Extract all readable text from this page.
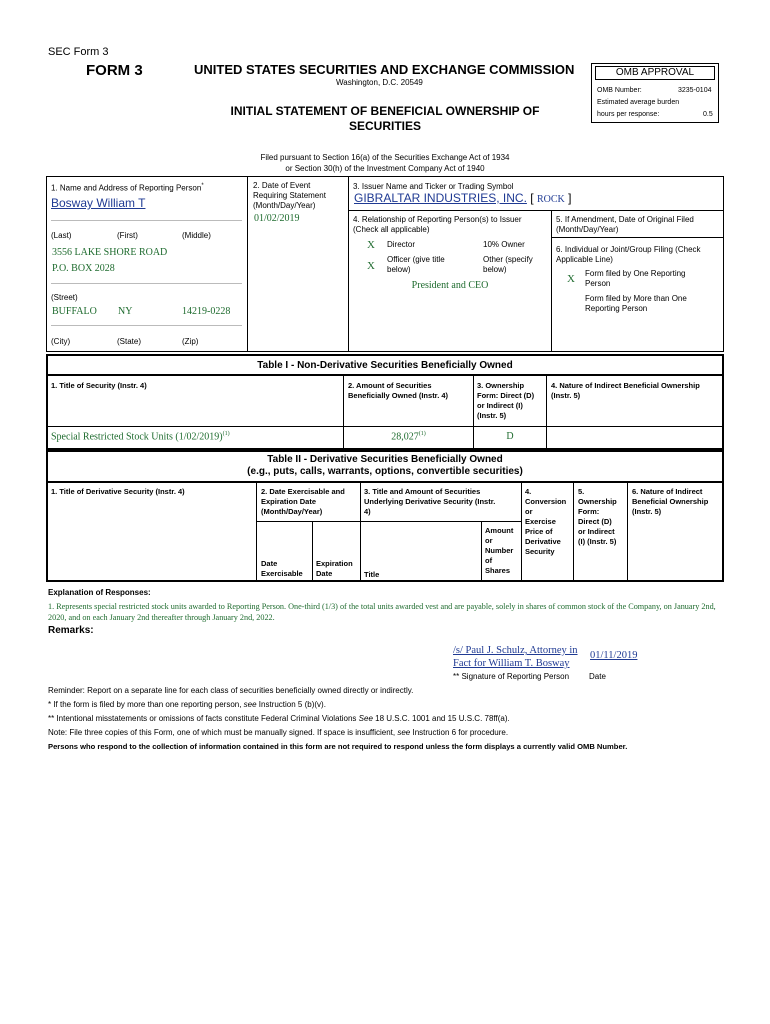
SEC Form 3
FORM 3	UNITED STATES SECURITIES AND EXCHANGE COMMISSION
Washington, D.C. 20549
INITIAL STATEMENT OF BENEFICIAL OWNERSHIP OF
SECURITIES
OMB APPROVAL
OMB Number:	3235-0104
Estimated average burden
hours per response:	0.5
Filed pursuant to Section 16(a) of the Securities Exchange Act of 1934
or Section 30(h) of the Investment Company Act of 1940
1. Name and Address of Reporting Person*
Bosway William T
(Last)	(First)	(Middle)
3556 LAKE SHORE ROAD
P.O. BOX 2028
(Street)
BUFFALO NY	14219-0228
(City)	(State)	(Zip)
2. Date of Event
Requiring Statement
(Month/Day/Year)
01/02/2019
3. Issuer Name and Ticker or Trading Symbol
GIBRALTAR INDUSTRIES, INC. [ ROCK ]
4. Relationship of Reporting Person(s) to Issuer
(Check all applicable)
X Director	10% Owner
X
Officer (give title
below)
Other (specify
below)
President and CEO
5. If Amendment, Date of Original Filed
(Month/Day/Year)
6. Individual or Joint/Group Filing (Check
Applicable Line)
X Form filed by One Reporting
Person
Form filed by More than One
Reporting Person
Table I - Non-Derivative Securities Beneficially Owned
1. Title of Security (Instr. 4)	2. Amount of Securities
Beneficially Owned (Instr. 4)
3. Ownership
Form: Direct (D)
or Indirect (I)
(Instr. 5)
4. Nature of Indirect Beneficial Ownership
(Instr. 5)
Special Restricted Stock Units $(1/02/2019)^{(1)}$	28,027$^{(1)}$	D
Table II - Derivative Securities Beneficially Owned
(e.g., puts, calls, warrants, options, convertible securities)
1. Title of Derivative Security (Instr. 4)	2. Date Exercisable and
Expiration Date
(Month/Day/Year)
Date
Exercisable
Expiration
Date
3. Title and Amount of Securities
Underlying Derivative Security (Instr.
4)
Title
Amount
or
Number
of
Shares
4.
Conversion
or
Exercise
Price of
Derivative
Security
5.
Ownership
Form:
Direct (D)
or Indirect
(I) (Instr. 5)
6. Nature of Indirect
Beneficial Ownership
(Instr. 5)
Explanation of Responses:
1. Represents special restricted stock units awarded to Reporting Person. One-third (1/3) of the total units awarded vest and are payable, solely in shares of common stock of the Company, on January 2nd,
2020, and on each January 2nd thereafter through January 2nd, 2022.
Remarks:
/s/ Paul J. Schulz, Attorney in
Fact for William T. Bosway
01/11/2019
** Signature of Reporting Person Date
Reminder: Report on a separate line for each class of securities beneficially owned directly or indirectly.
* If the form is filed by more than one reporting person, see Instruction 5 (b)(v).
** Intentional misstatements or omissions of facts constitute Federal Criminal Violations See 18 U.S.C. 1001 and 15 U.S.C. 78ff(a).
Note: File three copies of this Form, one of which must be manually signed. If space is insufficient, see Instruction 6 for procedure.
Persons who respond to the collection of information contained in this form are not required to respond unless the form displays a currently valid OMB Number.
